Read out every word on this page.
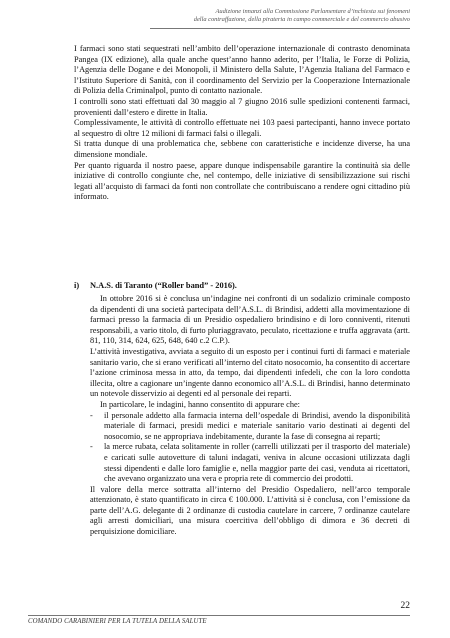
Audizione innanzi alla Commissione Parlamentare d’inchiesta sui fenomeni
della contraffazione, della pirateria in campo commerciale e del commercio abusivo

I farmaci sono stati sequestrati nell’ambito dell’operazione internazionale di contrasto denominata Pangea (IX edizione), alla quale anche quest’anno hanno aderito, per l’Italia, le Forze di Polizia, l’Agenzia delle Dogane e dei Monopoli, il Ministero della Salute, l’Agenzia Italiana del Farmaco e l’Istituto Superiore di Sanità, con il coordinamento del Servizio per la Cooperazione Internazionale di Polizia della Criminalpol, punto di contatto nazionale.

I controlli sono stati effettuati dal 30 maggio al 7 giugno 2016 sulle spedizioni contenenti farmaci, provenienti dall’estero e dirette in Italia.

Complessivamente, le attività di controllo effettuate nei 103 paesi partecipanti, hanno invece portato al sequestro di oltre 12 milioni di farmaci falsi o illegali.

Si tratta dunque di una problematica che, sebbene con caratteristiche e incidenze diverse, ha una dimensione mondiale.

Per quanto riguarda il nostro paese, appare dunque indispensabile garantire la continuità sia delle iniziative di controllo congiunte che, nel contempo, delle iniziative di sensibilizzazione sui rischi legati all’acquisto di farmaci da fonti non controllate che contribuiscano a rendere ogni cittadino più informato.

i) N.A.S. di Taranto (“Roller band” - 2016).

In ottobre 2016 si è conclusa un’indagine nei confronti di un sodalizio criminale composto da dipendenti di una società partecipata dell’A.S.L. di Brindisi, addetti alla movimentazione di farmaci presso la farmacia di un Presidio ospedaliero brindisino e di loro conniventi, ritenuti responsabili, a vario titolo, di furto pluriaggravato, peculato, ricettazione e truffa aggravata (artt. 81, 110, 314, 624, 625, 648, 640 c.2 C.P.).

L’attività investigativa, avviata a seguito di un esposto per i continui furti di farmaci e materiale sanitario vario, che si erano verificati all’interno del citato nosocomio, ha consentito di accertare l’azione criminosa messa in atto, da tempo, dai dipendenti infedeli, che con la loro condotta illecita, oltre a cagionare un’ingente danno economico all’A.S.L. di Brindisi, hanno determinato un notevole disservizio ai degenti ed al personale dei reparti.

In particolare, le indagini, hanno consentito di appurare che:

-	il personale addetto alla farmacia interna dell’ospedale di Brindisi, avendo la disponibilità materiale di farmaci, presidi medici e materiale sanitario vario destinati ai degenti del nosocomio, se ne appropriava indebitamente, durante la fase di consegna ai reparti;
-	la merce rubata, celata solitamente in roller (carrelli utilizzati per il trasporto del materiale) e caricati sulle autovetture di taluni indagati, veniva in alcune occasioni utilizzata dagli stessi dipendenti e dalle loro famiglie e, nella maggior parte dei casi, venduta ai ricettatori, che avevano organizzato una vera e propria rete di commercio dei prodotti.

Il valore della merce sottratta all’interno del Presidio Ospedaliero, nell’arco temporale attenzionato, è stato quantificato in circa € 100.000. L’attività si è conclusa, con l’emissione da parte dell’A.G. delegante di 2 ordinanze di custodia cautelare in carcere, 7 ordinanze cautelare agli arresti domiciliari, una misura coercitiva dell’obbligo di dimora e 36 decreti di perquisizione domiciliare.

22
COMANDO CARABINIERI PER LA TUTELA DELLA SALUTE
